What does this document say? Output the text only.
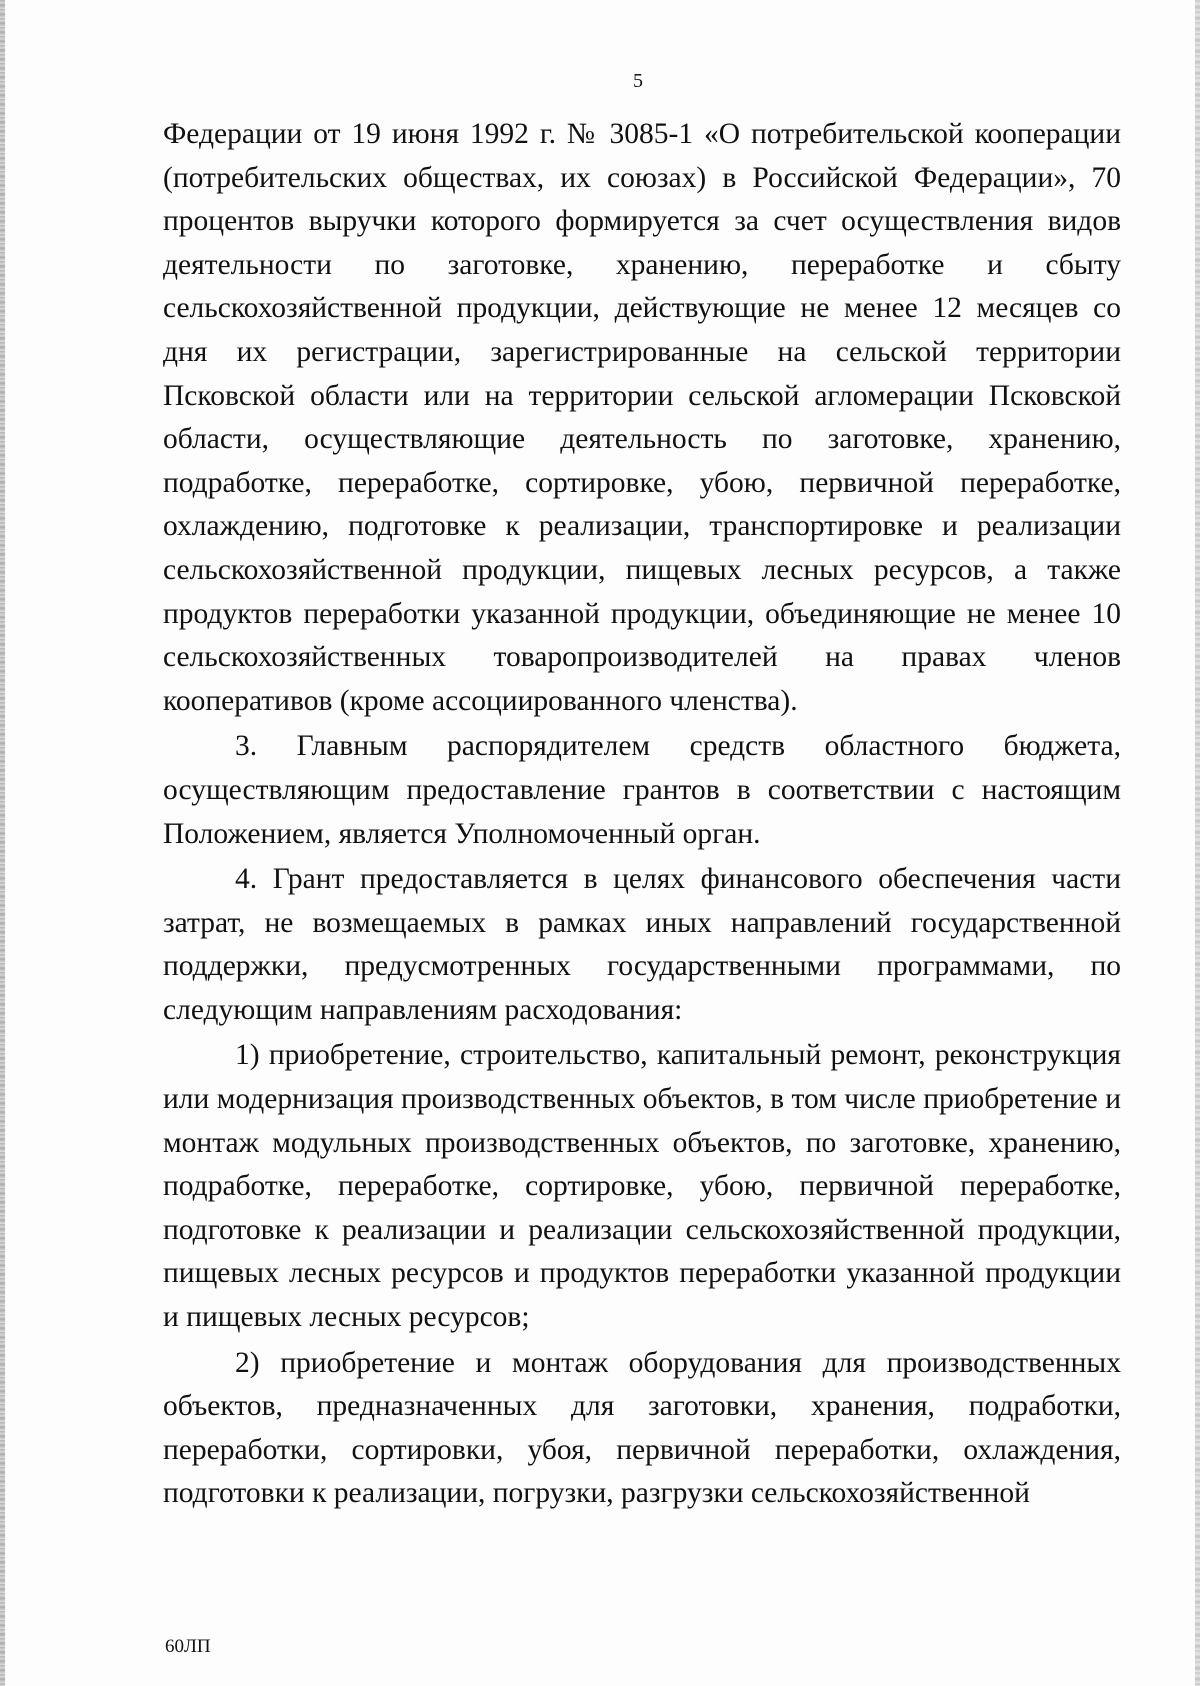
5

Федерации от 19 июня 1992 г. № 3085-1 «О потребительской кооперации (потребительских обществах, их союзах) в Российской Федерации», 70 процентов выручки которого формируется за счет осуществления видов деятельности по заготовке, хранению, переработке и сбыту сельскохозяйственной продукции, действующие не менее 12 месяцев со дня их регистрации, зарегистрированные на сельской территории Псковской области или на территории сельской агломерации Псковской области, осуществляющие деятельность по заготовке, хранению, подработке, переработке, сортировке, убою, первичной переработке, охлаждению, подготовке к реализации, транспортировке и реализации сельскохозяйственной продукции, пищевых лесных ресурсов, а также продуктов переработки указанной продукции, объединяющие не менее 10 сельскохозяйственных товаропроизводителей на правах членов кооперативов (кроме ассоциированного членства).

3. Главным распорядителем средств областного бюджета, осуществляющим предоставление грантов в соответствии с настоящим Положением, является Уполномоченный орган.

4. Грант предоставляется в целях финансового обеспечения части затрат, не возмещаемых в рамках иных направлений государственной поддержки, предусмотренных государственными программами, по следующим направлениям расходования:

1) приобретение, строительство, капитальный ремонт, реконструкция или модернизация производственных объектов, в том числе приобретение и монтаж модульных производственных объектов, по заготовке, хранению, подработке, переработке, сортировке, убою, первичной переработке, подготовке к реализации и реализации сельскохозяйственной продукции, пищевых лесных ресурсов и продуктов переработки указанной продукции и пищевых лесных ресурсов;

2) приобретение и монтаж оборудования для производственных объектов, предназначенных для заготовки, хранения, подработки, переработки, сортировки, убоя, первичной переработки, охлаждения, подготовки к реализации, погрузки, разгрузки сельскохозяйственной

60ЛП
